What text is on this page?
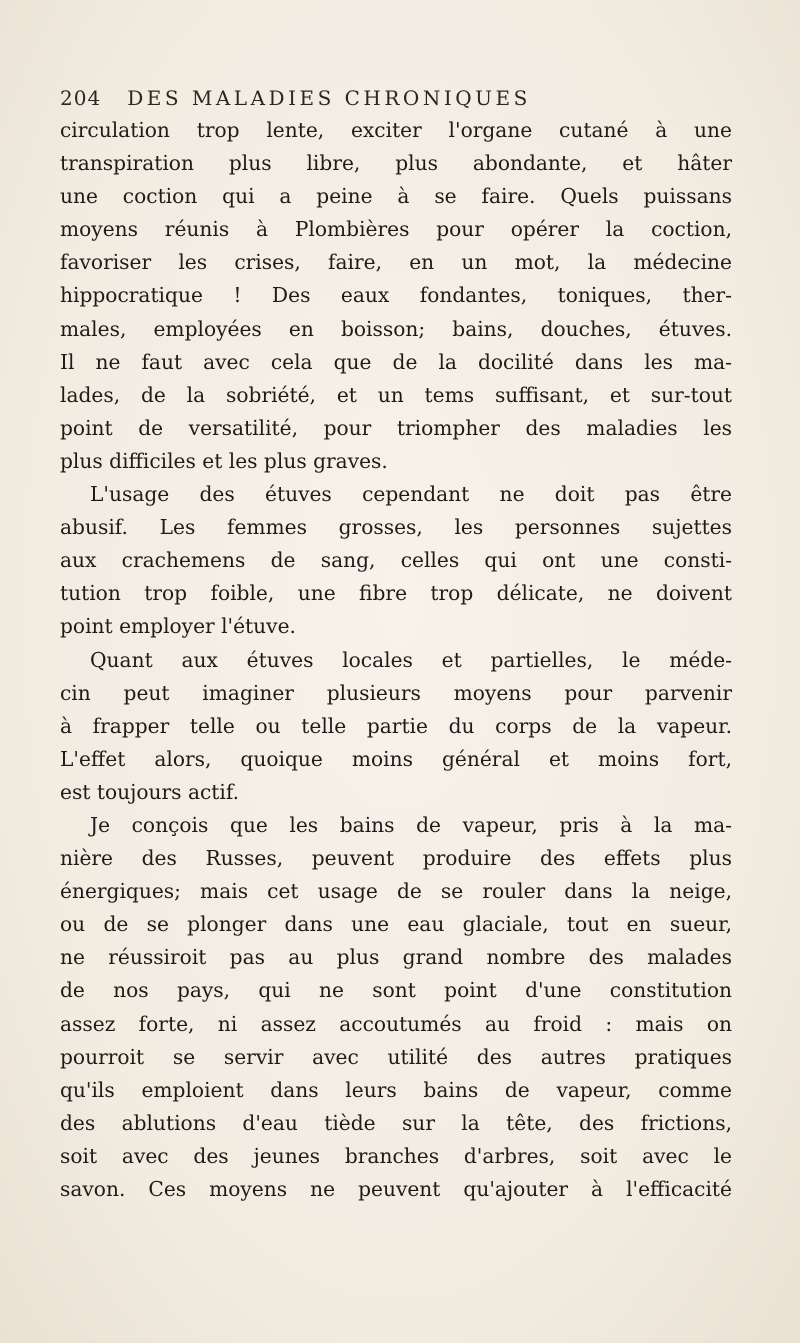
204 DES MALADIES CHRONIQUES
circulation trop lente, exciter l'organe cutané à une
transpiration plus libre, plus abondante, et hâter
une coction qui a peine à se faire. Quels puissans
moyens réunis à Plombières pour opérer la coction,
favoriser les crises, faire, en un mot, la médecine
hippocratique ! Des eaux fondantes, toniques, ther-
males, employées en boisson; bains, douches, étuves.
Il ne faut avec cela que de la docilité dans les ma-
lades, de la sobriété, et un tems suffisant, et sur-tout
point de versatilité, pour triompher des maladies les
plus difficiles et les plus graves.
L'usage des étuves cependant ne doit pas être
abusif. Les femmes grosses, les personnes sujettes
aux crachemens de sang, celles qui ont une consti-
tution trop foible, une fibre trop délicate, ne doivent
point employer l'étuve.
Quant aux étuves locales et partielles, le méde-
cin peut imaginer plusieurs moyens pour parvenir
à frapper telle ou telle partie du corps de la vapeur.
L'effet alors, quoique moins général et moins fort,
est toujours actif.
Je conçois que les bains de vapeur, pris à la ma-
nière des Russes, peuvent produire des effets plus
énergiques; mais cet usage de se rouler dans la neige,
ou de se plonger dans une eau glaciale, tout en sueur,
ne réussiroit pas au plus grand nombre des malades
de nos pays, qui ne sont point d'une constitution
assez forte, ni assez accoutumés au froid : mais on
pourroit se servir avec utilité des autres pratiques
qu'ils emploient dans leurs bains de vapeur, comme
des ablutions d'eau tiède sur la tête, des frictions,
soit avec des jeunes branches d'arbres, soit avec le
savon. Ces moyens ne peuvent qu'ajouter à l'efficacité
